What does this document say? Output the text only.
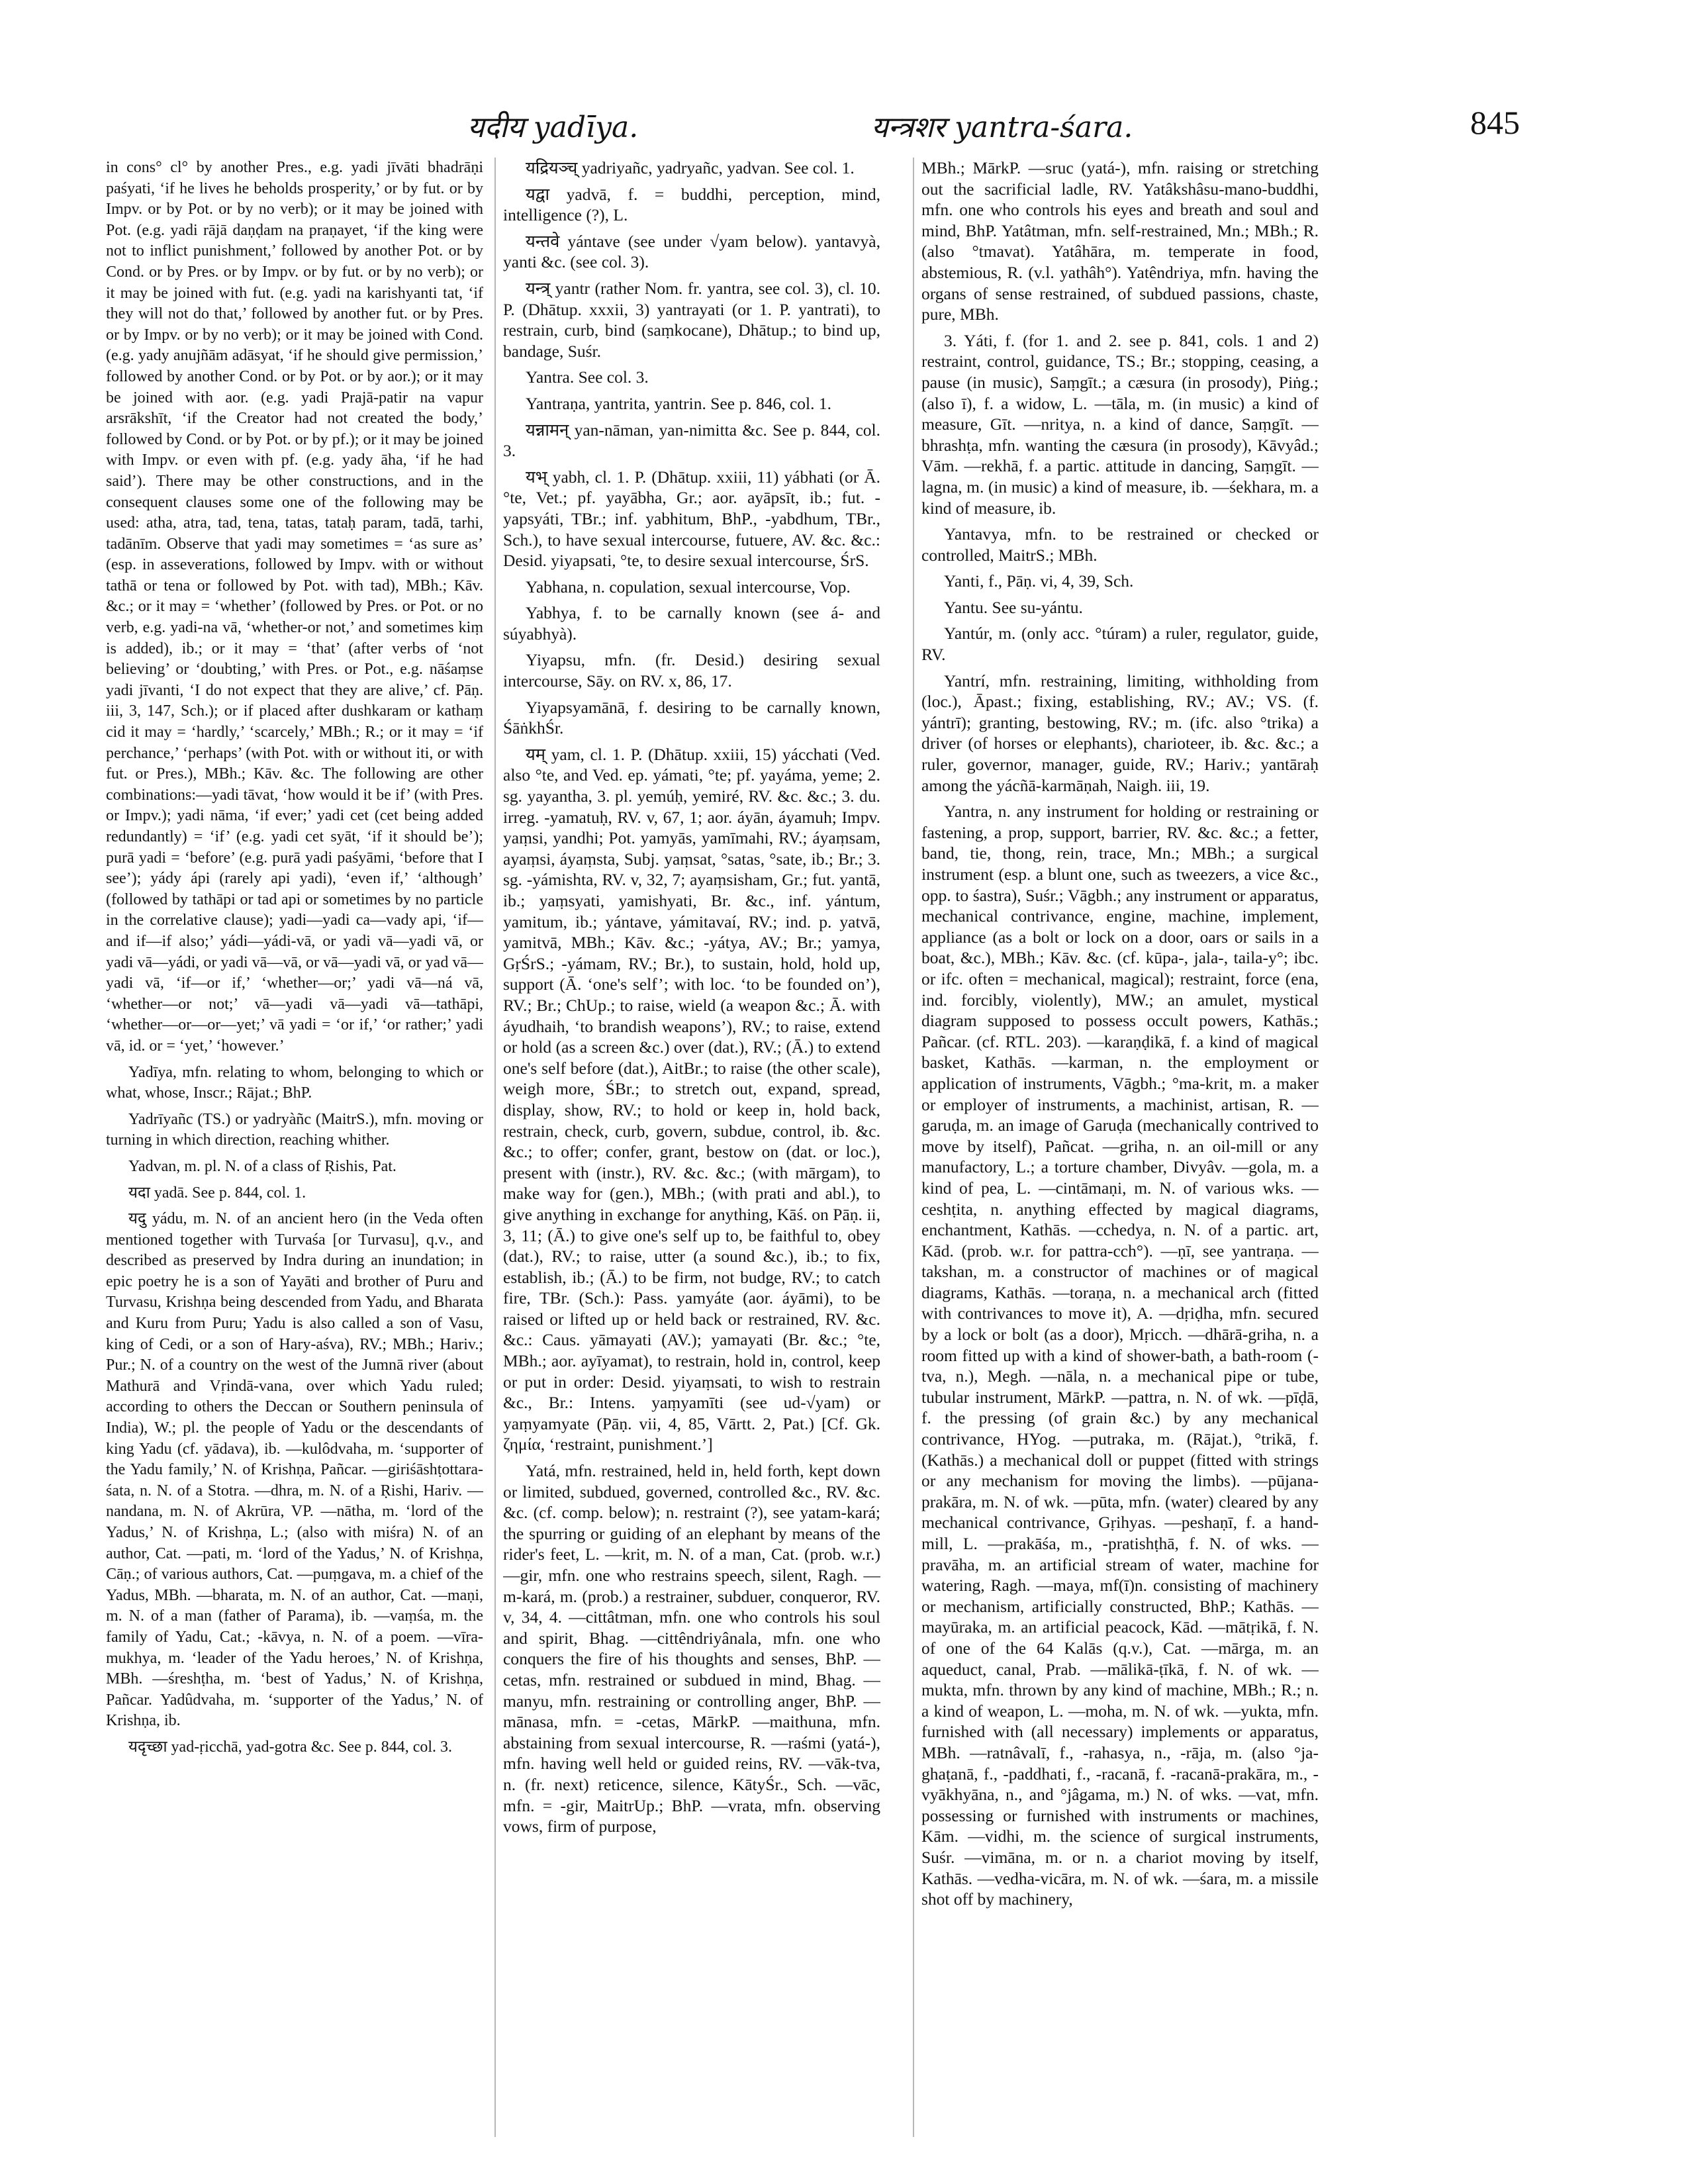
यदीय yadīya.	यन्त्रशर yantra-śara.	845

in cons° cl° by another Pres., e.g. yadi jīvāti bhadrāṇi paśyati, ‘if he lives he beholds prosperity,’ or by fut. or by Impv. or by Pot. or by no verb); or it may be joined with Pot. (e.g. yadi rājā daṇḍam na praṇayet, ‘if the king were not to inflict punishment,’ followed by another Pot. or by Cond. or by Pres. or by Impv. or by fut. or by no verb); or it may be joined with fut. (e.g. yadi na karishyanti tat, ‘if they will not do that,’ followed by another fut. or by Pres. or by Impv. or by no verb); or it may be joined with Cond. (e.g. yady anujñām adāsyat, ‘if he should give permission,’ followed by another Cond. or by Pot. or by aor.); or it may be joined with aor. (e.g. yadi Prajā-patir na vapur arsrākshīt, ‘if the Creator had not created the body,’ followed by Cond. or by Pot. or by pf.); or it may be joined with Impv. or even with pf. (e.g. yady āha, ‘if he had said’). There may be other constructions, and in the consequent clauses some one of the following may be used: atha, atra, tad, tena, tatas, tataḥ param, tadā, tarhi, tadānīm. Observe that yadi may sometimes = ‘as sure as’ (esp. in asseverations, followed by Impv. with or without tathā or tena or followed by Pot. with tad), MBh.; Kāv. &c.; or it may = ‘whether’ (followed by Pres. or Pot. or no verb, e.g. yadi-na vā, ‘whether-or not,’ and sometimes kiṃ is added), ib.; or it may = ‘that’ (after verbs of ‘not believing’ or ‘doubting,’ with Pres. or Pot., e.g. nāśaṃse yadi jīvanti, ‘I do not expect that they are alive,’ cf. Pāṇ. iii, 3, 147, Sch.); or if placed after dushkaram or kathaṃ cid it may = ‘hardly,’ ‘scarcely,’ MBh.; R.; or it may = ‘if perchance,’ ‘perhaps’ (with Pot. with or without iti, or with fut. or Pres.), MBh.; Kāv. &c. The following are other combinations:—yadi tāvat, ‘how would it be if’ (with Pres. or Impv.); yadi nāma, ‘if ever;’ yadi cet (cet being added redundantly) = ‘if’ (e.g. yadi cet syāt, ‘if it should be’); purā yadi = ‘before’ (e.g. purā yadi paśyāmi, ‘before that I see’); yády ápi (rarely api yadi), ‘even if,’ ‘although’ (followed by tathāpi or tad api or sometimes by no particle in the correlative clause); yadi—yadi ca—vady api, ‘if—and if—if also;’ yádi—yádi-vā, or yadi vā—yadi vā, or yadi vā—yádi, or yadi vā—vā, or vā—yadi vā, or yad vā—yadi vā, ‘if—or if,’ ‘whether—or;’ yadi vā—ná vā, ‘whether—or not;’ vā—yadi vā—yadi vā—tathāpi, ‘whether—or—or—yet;’ vā yadi = ‘or if,’ ‘or rather;’ yadi vā, id. or = ‘yet,’ ‘however.’

Yadīya, mfn. relating to whom, belonging to which or what, whose, Inscr.; Rājat.; BhP.

Yadrīyañc (TS.) or yadryàñc (MaitrS.), mfn. moving or turning in which direction, reaching whither.

Yadvan, m. pl. N. of a class of Ṛishis, Pat.

यदा yadā. See p. 844, col. 1.

यदु yádu, m. N. of an ancient hero (in the Veda often mentioned together with Turvaśa [or Turvasu], q.v., and described as preserved by Indra during an inundation; in epic poetry he is a son of Yayāti and brother of Puru and Turvasu, Krishṇa being descended from Yadu, and Bharata and Kuru from Puru; Yadu is also called a son of Vasu, king of Cedi, or a son of Hary-aśva), RV.; MBh.; Hariv.; Pur.; N. of a country on the west of the Jumnā river (about Mathurā and Vṛindā-vana, over which Yadu ruled; according to others the Deccan or Southern peninsula of India), W.; pl. the people of Yadu or the descendants of king Yadu (cf. yādava), ib. —kulôdvaha, m. ‘supporter of the Yadu family,’ N. of Krishṇa, Pañcar. —giriśāshṭottara-śata, n. N. of a Stotra. —dhra, m. N. of a Ṛishi, Hariv. —nandana, m. N. of Akrūra, VP. —nātha, m. ‘lord of the Yadus,’ N. of Krishṇa, L.; (also with miśra) N. of an author, Cat. —pati, m. ‘lord of the Yadus,’ N. of Krishṇa, Cāṇ.; of various authors, Cat. —puṃgava, m. a chief of the Yadus, MBh. —bharata, m. N. of an author, Cat. —maṇi, m. N. of a man (father of Parama), ib. —vaṃśa, m. the family of Yadu, Cat.; -kāvya, n. N. of a poem. —vīra-mukhya, m. ‘leader of the Yadu heroes,’ N. of Krishṇa, MBh. —śreshṭha, m. ‘best of Yadus,’ N. of Krishṇa, Pañcar. Yadûdvaha, m. ‘supporter of the Yadus,’ N. of Krishṇa, ib.

यदृच्छा yad-ṛicchā, yad-gotra &c. See p. 844, col. 3.

यद्रियञ्च् yadriyañc, yadryañc, yadvan. See col. 1.

यद्वा yadvā, f. = buddhi, perception, mind, intelligence (?), L.

यन्तवे yántave (see under √yam below). yantavyà, yanti &c. (see col. 3).

यन्त्र् yantr (rather Nom. fr. yantra, see col. 3), cl. 10. P. (Dhātup. xxxii, 3) yantrayati (or 1. P. yantrati), to restrain, curb, bind (saṃkocane), Dhātup.; to bind up, bandage, Suśr.

Yantra. See col. 3.

Yantraṇa, yantrita, yantrin. See p. 846, col. 1.

यन्नामन् yan-nāman, yan-nimitta &c. See p. 844, col. 3.

यभ् yabh, cl. 1. P. (Dhātup. xxiii, 11) yábhati (or Ā. °te, Vet.; pf. yayābha, Gr.; aor. ayāpsīt, ib.; fut. -yapsyáti, TBr.; inf. yabhitum, BhP., -yabdhum, TBr., Sch.), to have sexual intercourse, futuere, AV. &c. &c.: Desid. yiyapsati, °te, to desire sexual intercourse, ŚrS.

Yabhana, n. copulation, sexual intercourse, Vop.

Yabhya, f. to be carnally known (see á- and súyabhyà).

Yiyapsu, mfn. (fr. Desid.) desiring sexual intercourse, Sāy. on RV. x, 86, 17.

Yiyapsyamānā, f. desiring to be carnally known, ŚāṅkhŚr.

यम् yam, cl. 1. P. (Dhātup. xxiii, 15) yácchati (Ved. also °te, and Ved. ep. yámati, °te; pf. yayáma, yeme; 2. sg. yayantha, 3. pl. yemúḥ, yemiré, RV. &c. &c.; 3. du. irreg. -yamatuḥ, RV. v, 67, 1; aor. áyān, áyamuh; Impv. yaṃsi, yandhi; Pot. yamyās, yamīmahi, RV.; áyaṃsam, ayaṃsi, áyaṃsta, Subj. yaṃsat, °satas, °sate, ib.; Br.; 3. sg. -yámishta, RV. v, 32, 7; ayaṃsisham, Gr.; fut. yantā, ib.; yaṃsyati, yamishyati, Br. &c., inf. yántum, yamitum, ib.; yántave, yámitavaí, RV.; ind. p. yatvā, yamitvā, MBh.; Kāv. &c.; -yátya, AV.; Br.; yamya, GṛŚrS.; -yámam, RV.; Br.), to sustain, hold, hold up, support (Ā. ‘one's self’; with loc. ‘to be founded on’), RV.; Br.; ChUp.; to raise, wield (a weapon &c.; Ā. with áyudhaih, ‘to brandish weapons’), RV.; to raise, extend or hold (as a screen &c.) over (dat.), RV.; (Ā.) to extend one's self before (dat.), AitBr.; to raise (the other scale), weigh more, ŚBr.; to stretch out, expand, spread, display, show, RV.; to hold or keep in, hold back, restrain, check, curb, govern, subdue, control, ib. &c. &c.; to offer; confer, grant, bestow on (dat. or loc.), present with (instr.), RV. &c. &c.; (with mārgam), to make way for (gen.), MBh.; (with prati and abl.), to give anything in exchange for anything, Kāś. on Pāṇ. ii, 3, 11; (Ā.) to give one's self up to, be faithful to, obey (dat.), RV.; to raise, utter (a sound &c.), ib.; to fix, establish, ib.; (Ā.) to be firm, not budge, RV.; to catch fire, TBr. (Sch.): Pass. yamyáte (aor. áyāmi), to be raised or lifted up or held back or restrained, RV. &c. &c.: Caus. yāmayati (AV.); yamayati (Br. &c.; °te, MBh.; aor. ayīyamat), to restrain, hold in, control, keep or put in order: Desid. yiyaṃsati, to wish to restrain &c., Br.: Intens. yaṃyamīti (see ud-√yam) or yaṃyamyate (Pāṇ. vii, 4, 85, Vārtt. 2, Pat.) [Cf. Gk. ζημία, ‘restraint, punishment.’]

Yatá, mfn. restrained, held in, held forth, kept down or limited, subdued, governed, controlled &c., RV. &c. &c. (cf. comp. below); n. restraint (?), see yatam-kará; the spurring or guiding of an elephant by means of the rider's feet, L. —krit, m. N. of a man, Cat. (prob. w.r.) —gir, mfn. one who restrains speech, silent, Ragh. —m-kará, m. (prob.) a restrainer, subduer, conqueror, RV. v, 34, 4. —cittâtman, mfn. one who controls his soul and spirit, Bhag. —cittêndriyânala, mfn. one who conquers the fire of his thoughts and senses, BhP. —cetas, mfn. restrained or subdued in mind, Bhag. —manyu, mfn. restraining or controlling anger, BhP. —mānasa, mfn. = -cetas, MārkP. —maithuna, mfn. abstaining from sexual intercourse, R. —raśmi (yatá-), mfn. having well held or guided reins, RV. —vāk-tva, n. (fr. next) reticence, silence, KātyŚr., Sch. —vāc, mfn. = -gir, MaitrUp.; BhP. —vrata, mfn. observing vows, firm of purpose,

MBh.; MārkP. —sruc (yatá-), mfn. raising or stretching out the sacrificial ladle, RV. Yatâkshâsu-mano-buddhi, mfn. one who controls his eyes and breath and soul and mind, BhP. Yatâtman, mfn. self-restrained, Mn.; MBh.; R. (also °tmavat). Yatâhāra, m. temperate in food, abstemious, R. (v.l. yathâh°). Yatêndriya, mfn. having the organs of sense restrained, of subdued passions, chaste, pure, MBh.

3. Yáti, f. (for 1. and 2. see p. 841, cols. 1 and 2) restraint, control, guidance, TS.; Br.; stopping, ceasing, a pause (in music), Saṃgīt.; a cæsura (in prosody), Piṅg.; (also ī), f. a widow, L. —tāla, m. (in music) a kind of measure, Gīt. —nritya, n. a kind of dance, Saṃgīt. —bhrashṭa, mfn. wanting the cæsura (in prosody), Kāvyâd.; Vām. —rekhā, f. a partic. attitude in dancing, Saṃgīt. —lagna, m. (in music) a kind of measure, ib. —śekhara, m. a kind of measure, ib.

Yantavya, mfn. to be restrained or checked or controlled, MaitrS.; MBh.

Yanti, f., Pāṇ. vi, 4, 39, Sch.

Yantu. See su-yántu.

Yantúr, m. (only acc. °túram) a ruler, regulator, guide, RV.

Yantrí, mfn. restraining, limiting, withholding from (loc.), Āpast.; fixing, establishing, RV.; AV.; VS. (f. yántrī); granting, bestowing, RV.; m. (ifc. also °trika) a driver (of horses or elephants), charioteer, ib. &c. &c.; a ruler, governor, manager, guide, RV.; Hariv.; yantāraḥ among the yácñā-karmāṇah, Naigh. iii, 19.

Yantra, n. any instrument for holding or restraining or fastening, a prop, support, barrier, RV. &c. &c.; a fetter, band, tie, thong, rein, trace, Mn.; MBh.; a surgical instrument (esp. a blunt one, such as tweezers, a vice &c., opp. to śastra), Suśr.; Vāgbh.; any instrument or apparatus, mechanical contrivance, engine, machine, implement, appliance (as a bolt or lock on a door, oars or sails in a boat, &c.), MBh.; Kāv. &c. (cf. kūpa-, jala-, taila-y°; ibc. or ifc. often = mechanical, magical); restraint, force (ena, ind. forcibly, violently), MW.; an amulet, mystical diagram supposed to possess occult powers, Kathās.; Pañcar. (cf. RTL. 203). —karaṇḍikā, f. a kind of magical basket, Kathās. —karman, n. the employment or application of instruments, Vāgbh.; °ma-krit, m. a maker or employer of instruments, a machinist, artisan, R. —garuḍa, m. an image of Garuḍa (mechanically contrived to move by itself), Pañcat. —griha, n. an oil-mill or any manufactory, L.; a torture chamber, Divyâv. —gola, m. a kind of pea, L. —cintāmaṇi, m. N. of various wks. —ceshṭita, n. anything effected by magical diagrams, enchantment, Kathās. —cchedya, n. N. of a partic. art, Kād. (prob. w.r. for pattra-cch°). —ṇī, see yantraṇa. —takshan, m. a constructor of machines or of magical diagrams, Kathās. —toraṇa, n. a mechanical arch (fitted with contrivances to move it), A. —dṛiḍha, mfn. secured by a lock or bolt (as a door), Mṛicch. —dhārā-griha, n. a room fitted up with a kind of shower-bath, a bath-room (-tva, n.), Megh. —nāla, n. a mechanical pipe or tube, tubular instrument, MārkP. —pattra, n. N. of wk. —pīḍā, f. the pressing (of grain &c.) by any mechanical contrivance, HYog. —putraka, m. (Rājat.), °trikā, f. (Kathās.) a mechanical doll or puppet (fitted with strings or any mechanism for moving the limbs). —pūjana-prakāra, m. N. of wk. —pūta, mfn. (water) cleared by any mechanical contrivance, Gṛihyas. —peshaṇī, f. a hand-mill, L. —prakāśa, m., -pratishṭhā, f. N. of wks. —pravāha, m. an artificial stream of water, machine for watering, Ragh. —maya, mf(ī)n. consisting of machinery or mechanism, artificially constructed, BhP.; Kathās. —mayūraka, m. an artificial peacock, Kād. —mātṛikā, f. N. of one of the 64 Kalās (q.v.), Cat. —mārga, m. an aqueduct, canal, Prab. —mālikā-ṭīkā, f. N. of wk. —mukta, mfn. thrown by any kind of machine, MBh.; R.; n. a kind of weapon, L. —moha, m. N. of wk. —yukta, mfn. furnished with (all necessary) implements or apparatus, MBh. —ratnâvalī, f., -rahasya, n., -rāja, m. (also °ja-ghaṭanā, f., -paddhati, f., -racanā, f. -racanā-prakāra, m., -vyākhyāna, n., and °jâgama, m.) N. of wks. —vat, mfn. possessing or furnished with instruments or machines, Kām. —vidhi, m. the science of surgical instruments, Suśr. —vimāna, m. or n. a chariot moving by itself, Kathās. —vedha-vicāra, m. N. of wk. —śara, m. a missile shot off by machinery,
